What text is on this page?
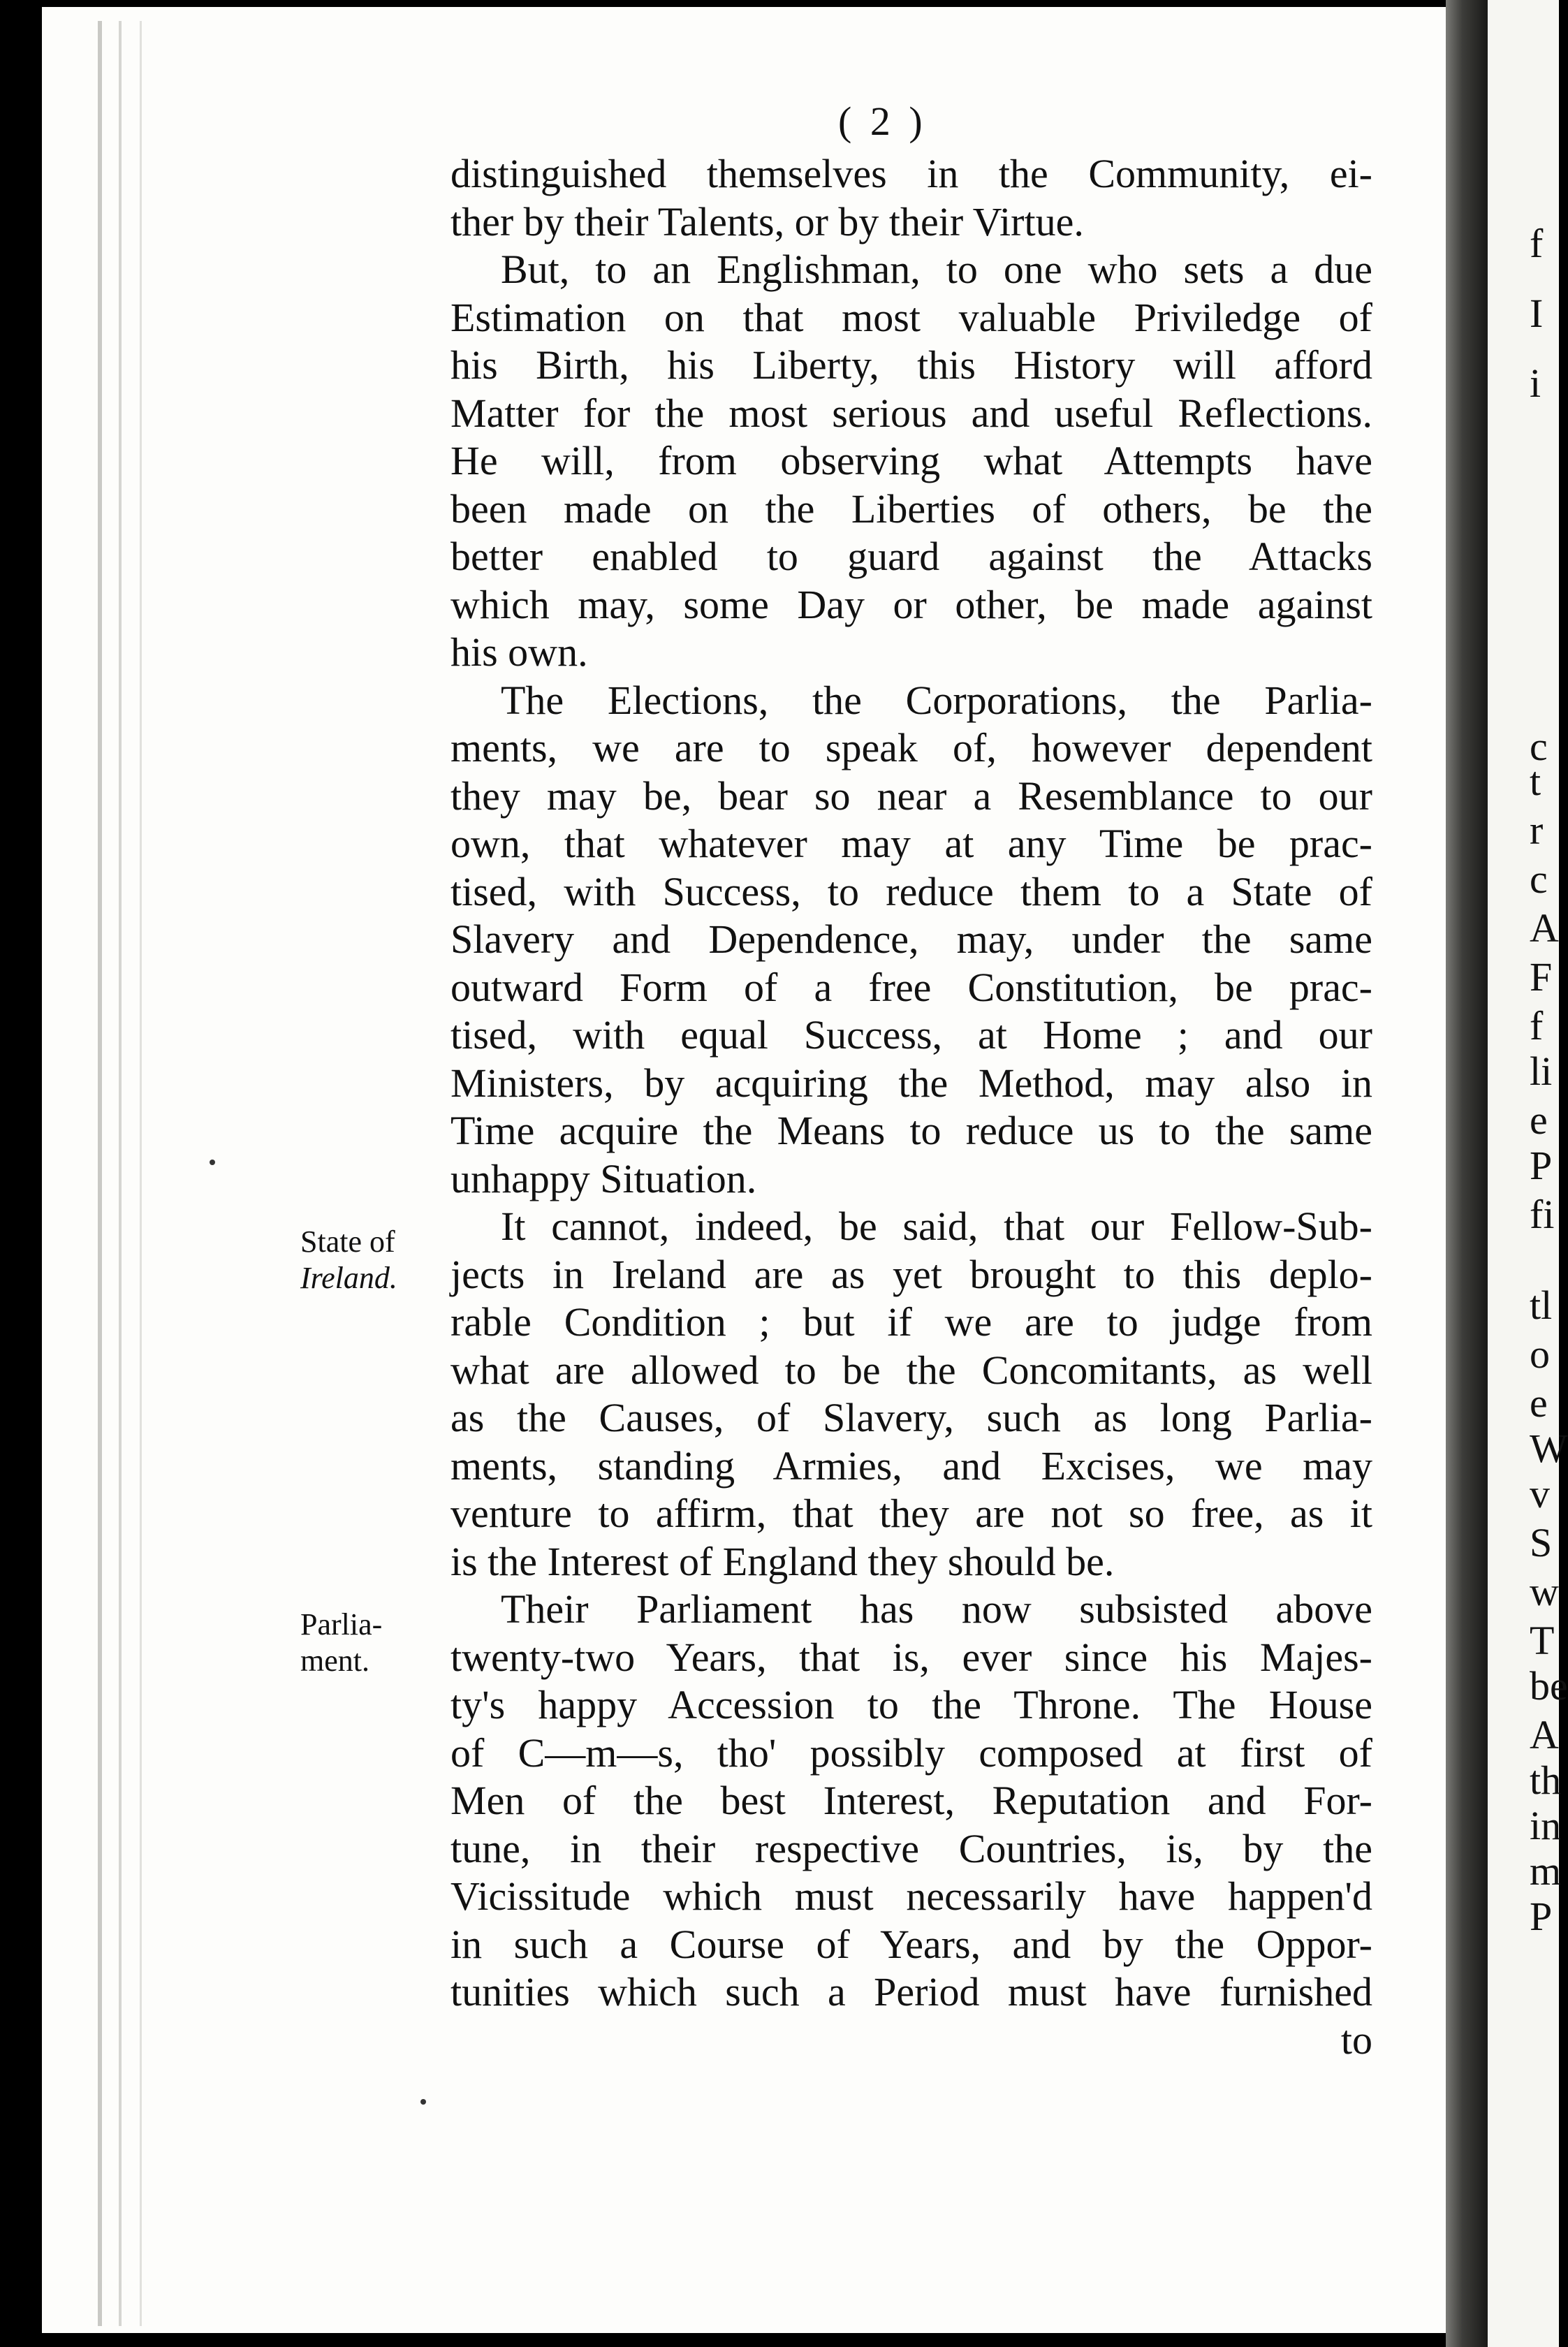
( 2 )
State of
Ireland.
Parlia-
ment.
distinguished themselves in the Community, ei-
ther by their Talents, or by their Virtue.
But, to an Englishman, to one who sets a due
Estimation on that most valuable Priviledge of
his Birth, his Liberty, this History will afford
Matter for the most serious and useful Reflections.
He will, from observing what Attempts have
been made on the Liberties of others, be the
better enabled to guard against the Attacks
which may, some Day or other, be made against
his own.
The Elections, the Corporations, the Parlia-
ments, we are to speak of, however dependent
they may be, bear so near a Resemblance to our
own, that whatever may at any Time be prac-
tised, with Success, to reduce them to a State of
Slavery and Dependence, may, under the same
outward Form of a free Constitution, be prac-
tised, with equal Success, at Home ; and our
Ministers, by acquiring the Method, may also in
Time acquire the Means to reduce us to the same
unhappy Situation.
It cannot, indeed, be said, that our Fellow-Sub-
jects in Ireland are as yet brought to this deplo-
rable Condition ; but if we are to judge from
what are allowed to be the Concomitants, as well
as the Causes, of Slavery, such as long Parlia-
ments, standing Armies, and Excises, we may
venture to affirm, that they are not so free, as it
is the Interest of England they should be.
Their Parliament has now subsisted above
twenty-two Years, that is, ever since his Majes-
ty's happy Accession to the Throne. The House
of C—m—s, tho' possibly composed at first of
Men of the best Interest, Reputation and For-
tune, in their respective Countries, is, by the
Vicissitude which must necessarily have happen'd
in such a Course of Years, and by the Oppor-
tunities which such a Period must have furnished
to
f
I
i
c
t
r
c
A
F
f
li
e
P
fi
tl
o
e
W
v
S
w
T
be
A
th
in
m
P
